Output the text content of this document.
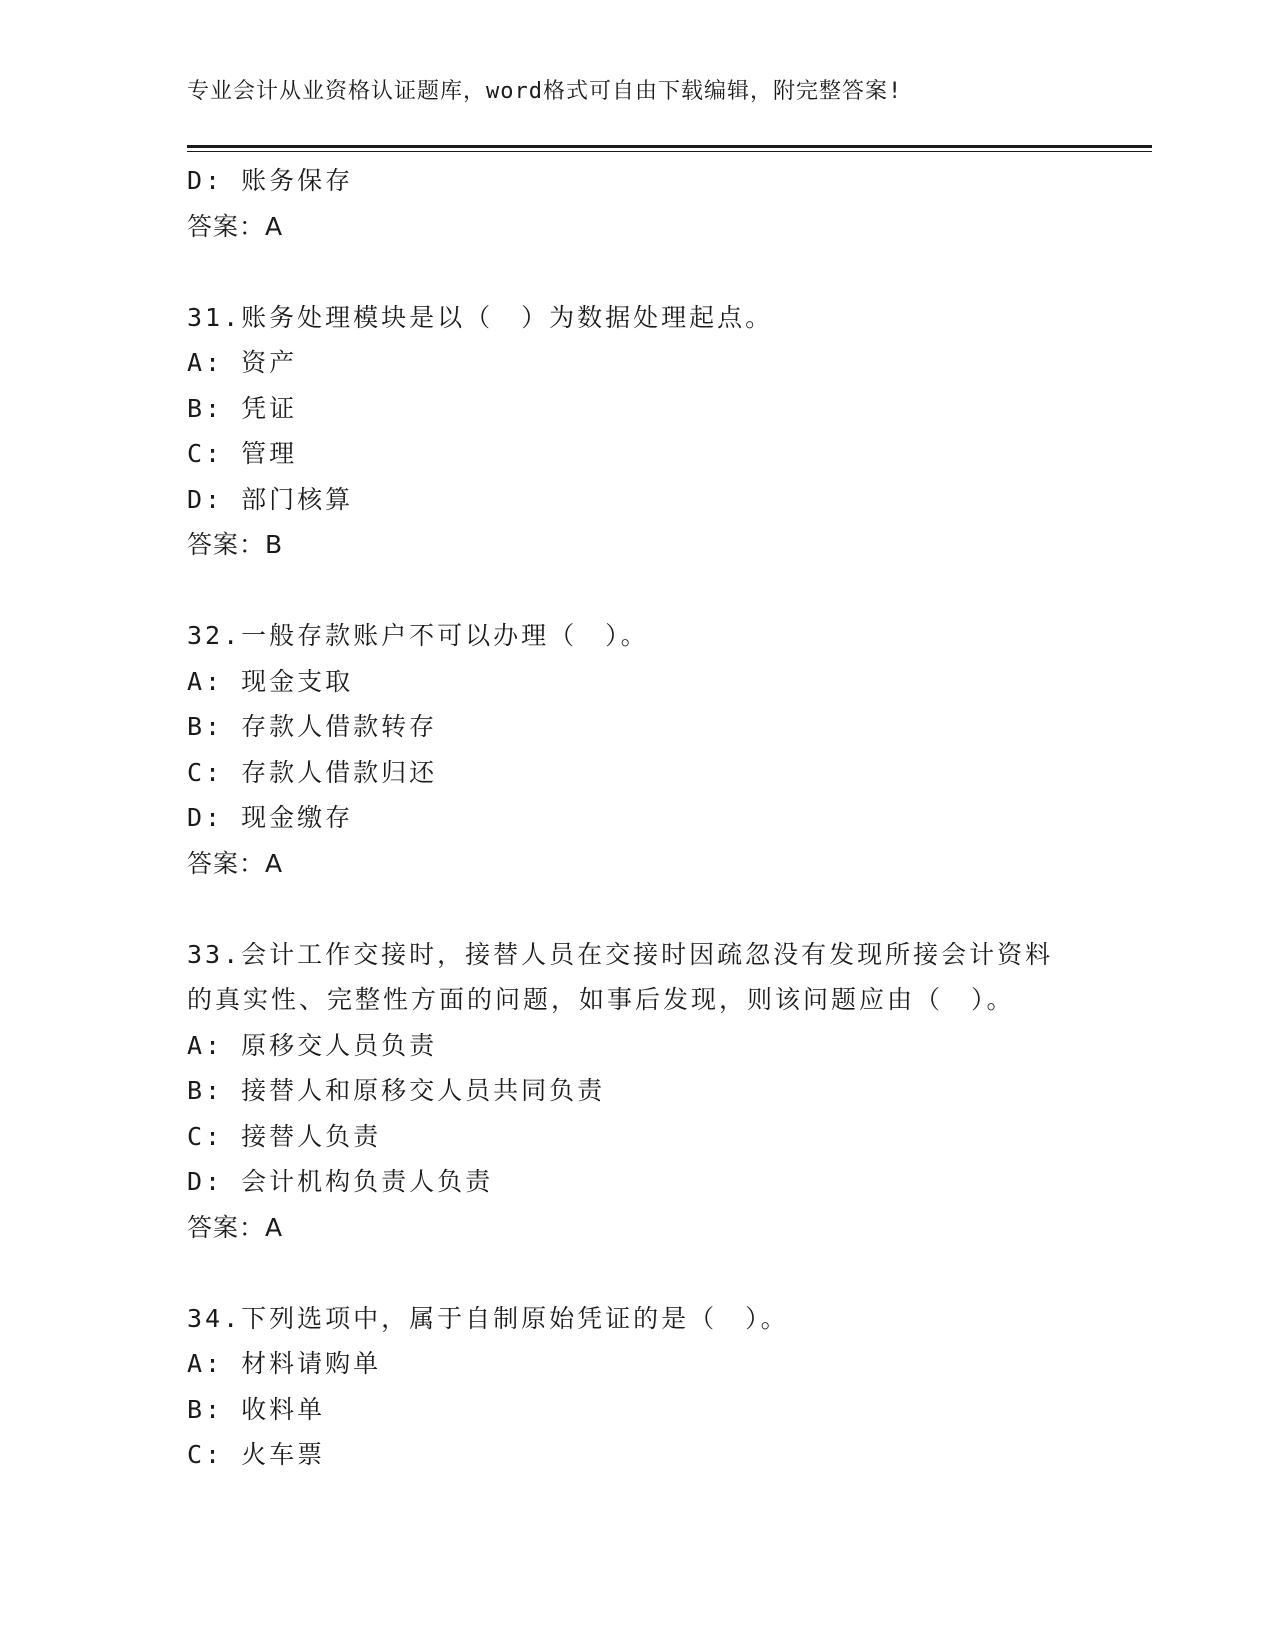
专业会计从业资格认证题库，word格式可自由下载编辑，附完整答案!
D: 账务保存
答案：A
31.账务处理模块是以（　）为数据处理起点。
A: 资产
B: 凭证
C: 管理
D: 部门核算
答案：B
32.一般存款账户不可以办理（　）。
A: 现金支取
B: 存款人借款转存
C: 存款人借款归还
D: 现金缴存
答案：A
33.会计工作交接时，接替人员在交接时因疏忽没有发现所接会计资料
的真实性、完整性方面的问题，如事后发现，则该问题应由（　）。
A: 原移交人员负责
B: 接替人和原移交人员共同负责
C: 接替人负责
D: 会计机构负责人负责
答案：A
34.下列选项中，属于自制原始凭证的是（　）。
A: 材料请购单
B: 收料单
C: 火车票
